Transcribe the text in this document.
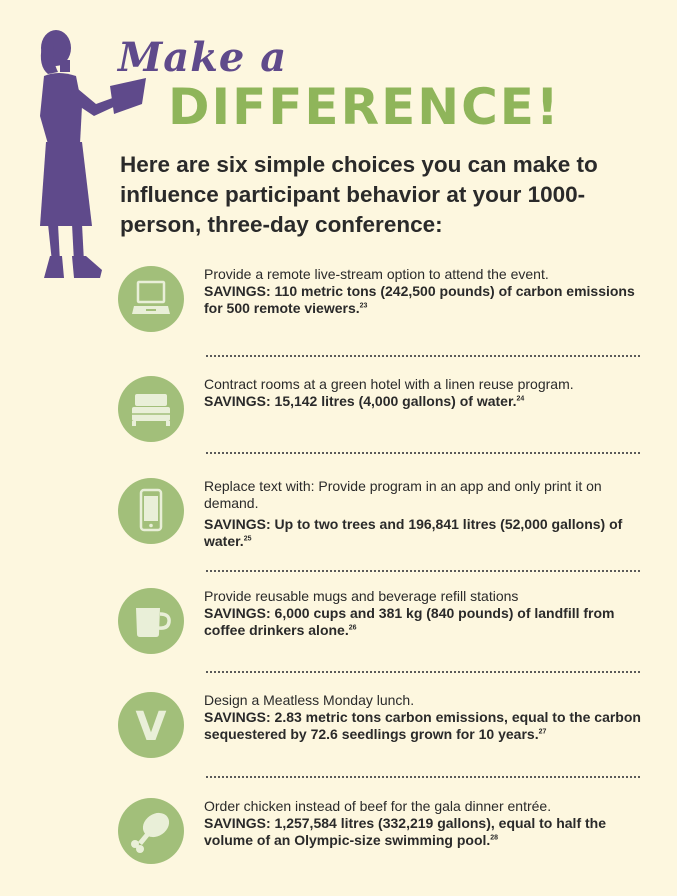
Make a
DIFFERENCE!
Here are six simple choices you can make to influence participant behavior at your 1000-person, three-day conference:
Provide a remote live-stream option to attend the event.
SAVINGS: 110 metric tons (242,500 pounds) of carbon emissions for 500 remote viewers.$^{23}$
Contract rooms at a green hotel with a linen reuse program.
SAVINGS: 15,142 litres (4,000 gallons) of water.$^{24}$
Replace text with: Provide program in an app and only print it on demand.
SAVINGS: Up to two trees and 196,841 litres (52,000 gallons) of water.$^{25}$
Provide reusable mugs and beverage refill stations
SAVINGS: 6,000 cups and 381 kg (840 pounds) of landfill from coffee drinkers alone.$^{26}$
V
Design a Meatless Monday lunch.
SAVINGS: 2.83 metric tons carbon emissions, equal to the carbon sequestered by 72.6 seedlings grown for 10 years.$^{27}$
Order chicken instead of beef for the gala dinner entrée.
SAVINGS: 1,257,584 litres (332,219 gallons), equal to half the volume of an Olympic-size swimming pool.$^{28}$
